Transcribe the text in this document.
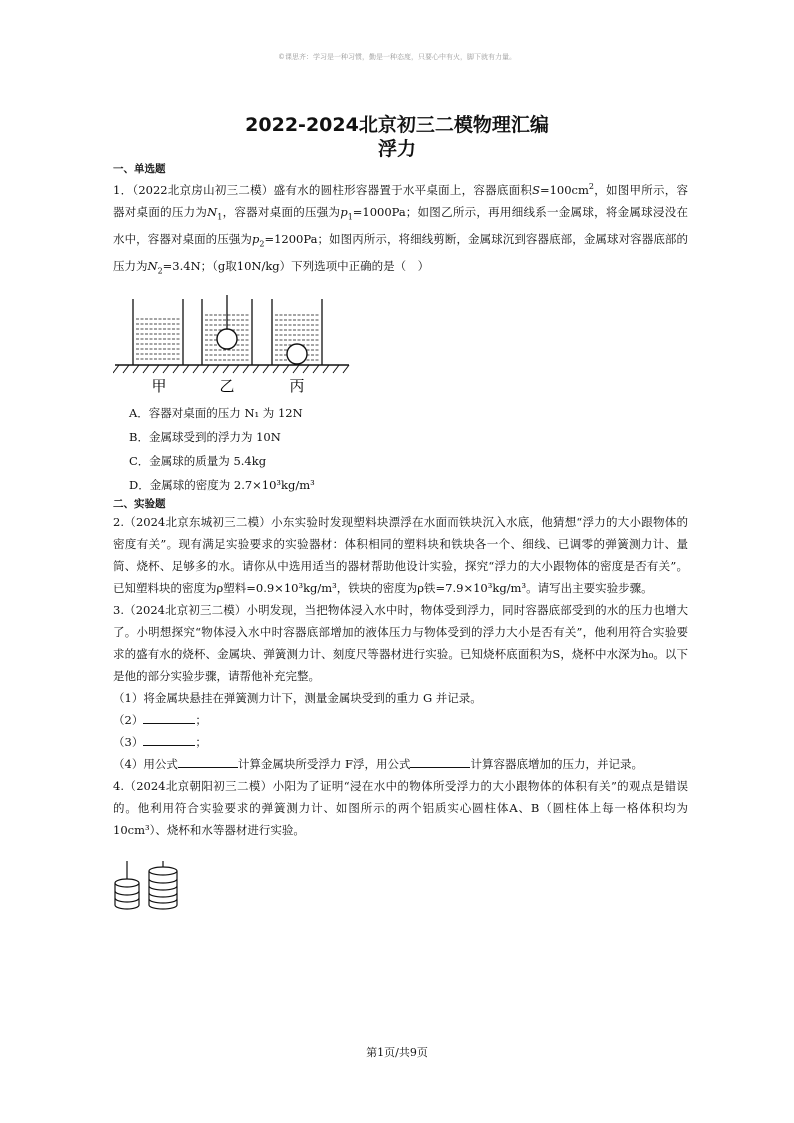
©课思齐：学习是一种习惯，勤是一种态度，只要心中有火，脚下就有力量。
2022-2024北京初三二模物理汇编
浮力
一、单选题

1．（2022北京房山初三二模）盛有水的圆柱形容器置于水平桌面上，容器底面积$S=100cm^2$，如图甲所示，容器对桌面的压力为$N_1$，容器对桌面的压强为$p_1=1000Pa$；如图乙所示，再用细线系一金属球，将金属球浸没在水中，容器对桌面的压强为$p_2=1200Pa$；如图丙所示，将细线剪断，金属球沉到容器底部，金属球对容器底部的压力为$N_2=3.4N$；（g取10N/kg）下列选项中正确的是（　）

甲	乙	丙
A．容器对桌面的压力 N₁ 为 12N
B．金属球受到的浮力为 10N
C．金属球的质量为 5.4kg
D．金属球的密度为 2.7×10³kg/m³
二、实验题

2.（2024北京东城初三二模）小东实验时发现塑料块漂浮在水面而铁块沉入水底，他猜想“浮力的大小跟物体的密度有关”。现有满足实验要求的实验器材：体积相同的塑料块和铁块各一个、细线、已调零的弹簧测力计、量筒、烧杯、足够多的水。请你从中选用适当的器材帮助他设计实验，探究“浮力的大小跟物体的密度是否有关”。已知塑料块的密度为ρ塑料=0.9×10³kg/m³，铁块的密度为ρ铁=7.9×10³kg/m³。请写出主要实验步骤。

3.（2024北京初三二模）小明发现，当把物体浸入水中时，物体受到浮力，同时容器底部受到的水的压力也增大了。小明想探究“物体浸入水中时容器底部增加的液体压力与物体受到的浮力大小是否有关”，他利用符合实验要求的盛有水的烧杯、金属块、弹簧测力计、刻度尺等器材进行实验。已知烧杯底面积为S，烧杯中水深为h₀。以下是他的部分实验步骤，请帮他补充完整。

（1）将金属块悬挂在弹簧测力计下，测量金属块受到的重力 G 并记录。

（2）	；

（3）	；

（4）用公式	计算金属块所受浮力 F浮，用公式	计算容器底增加的压力，并记录。

4.（2024北京朝阳初三二模）小阳为了证明“浸在水中的物体所受浮力的大小跟物体的体积有关”的观点是错误的。他利用符合实验要求的弹簧测力计、如图所示的两个铝质实心圆柱体A、B（圆柱体上每一格体积均为10cm³）、烧杯和水等器材进行实验。

第1页/共9页
